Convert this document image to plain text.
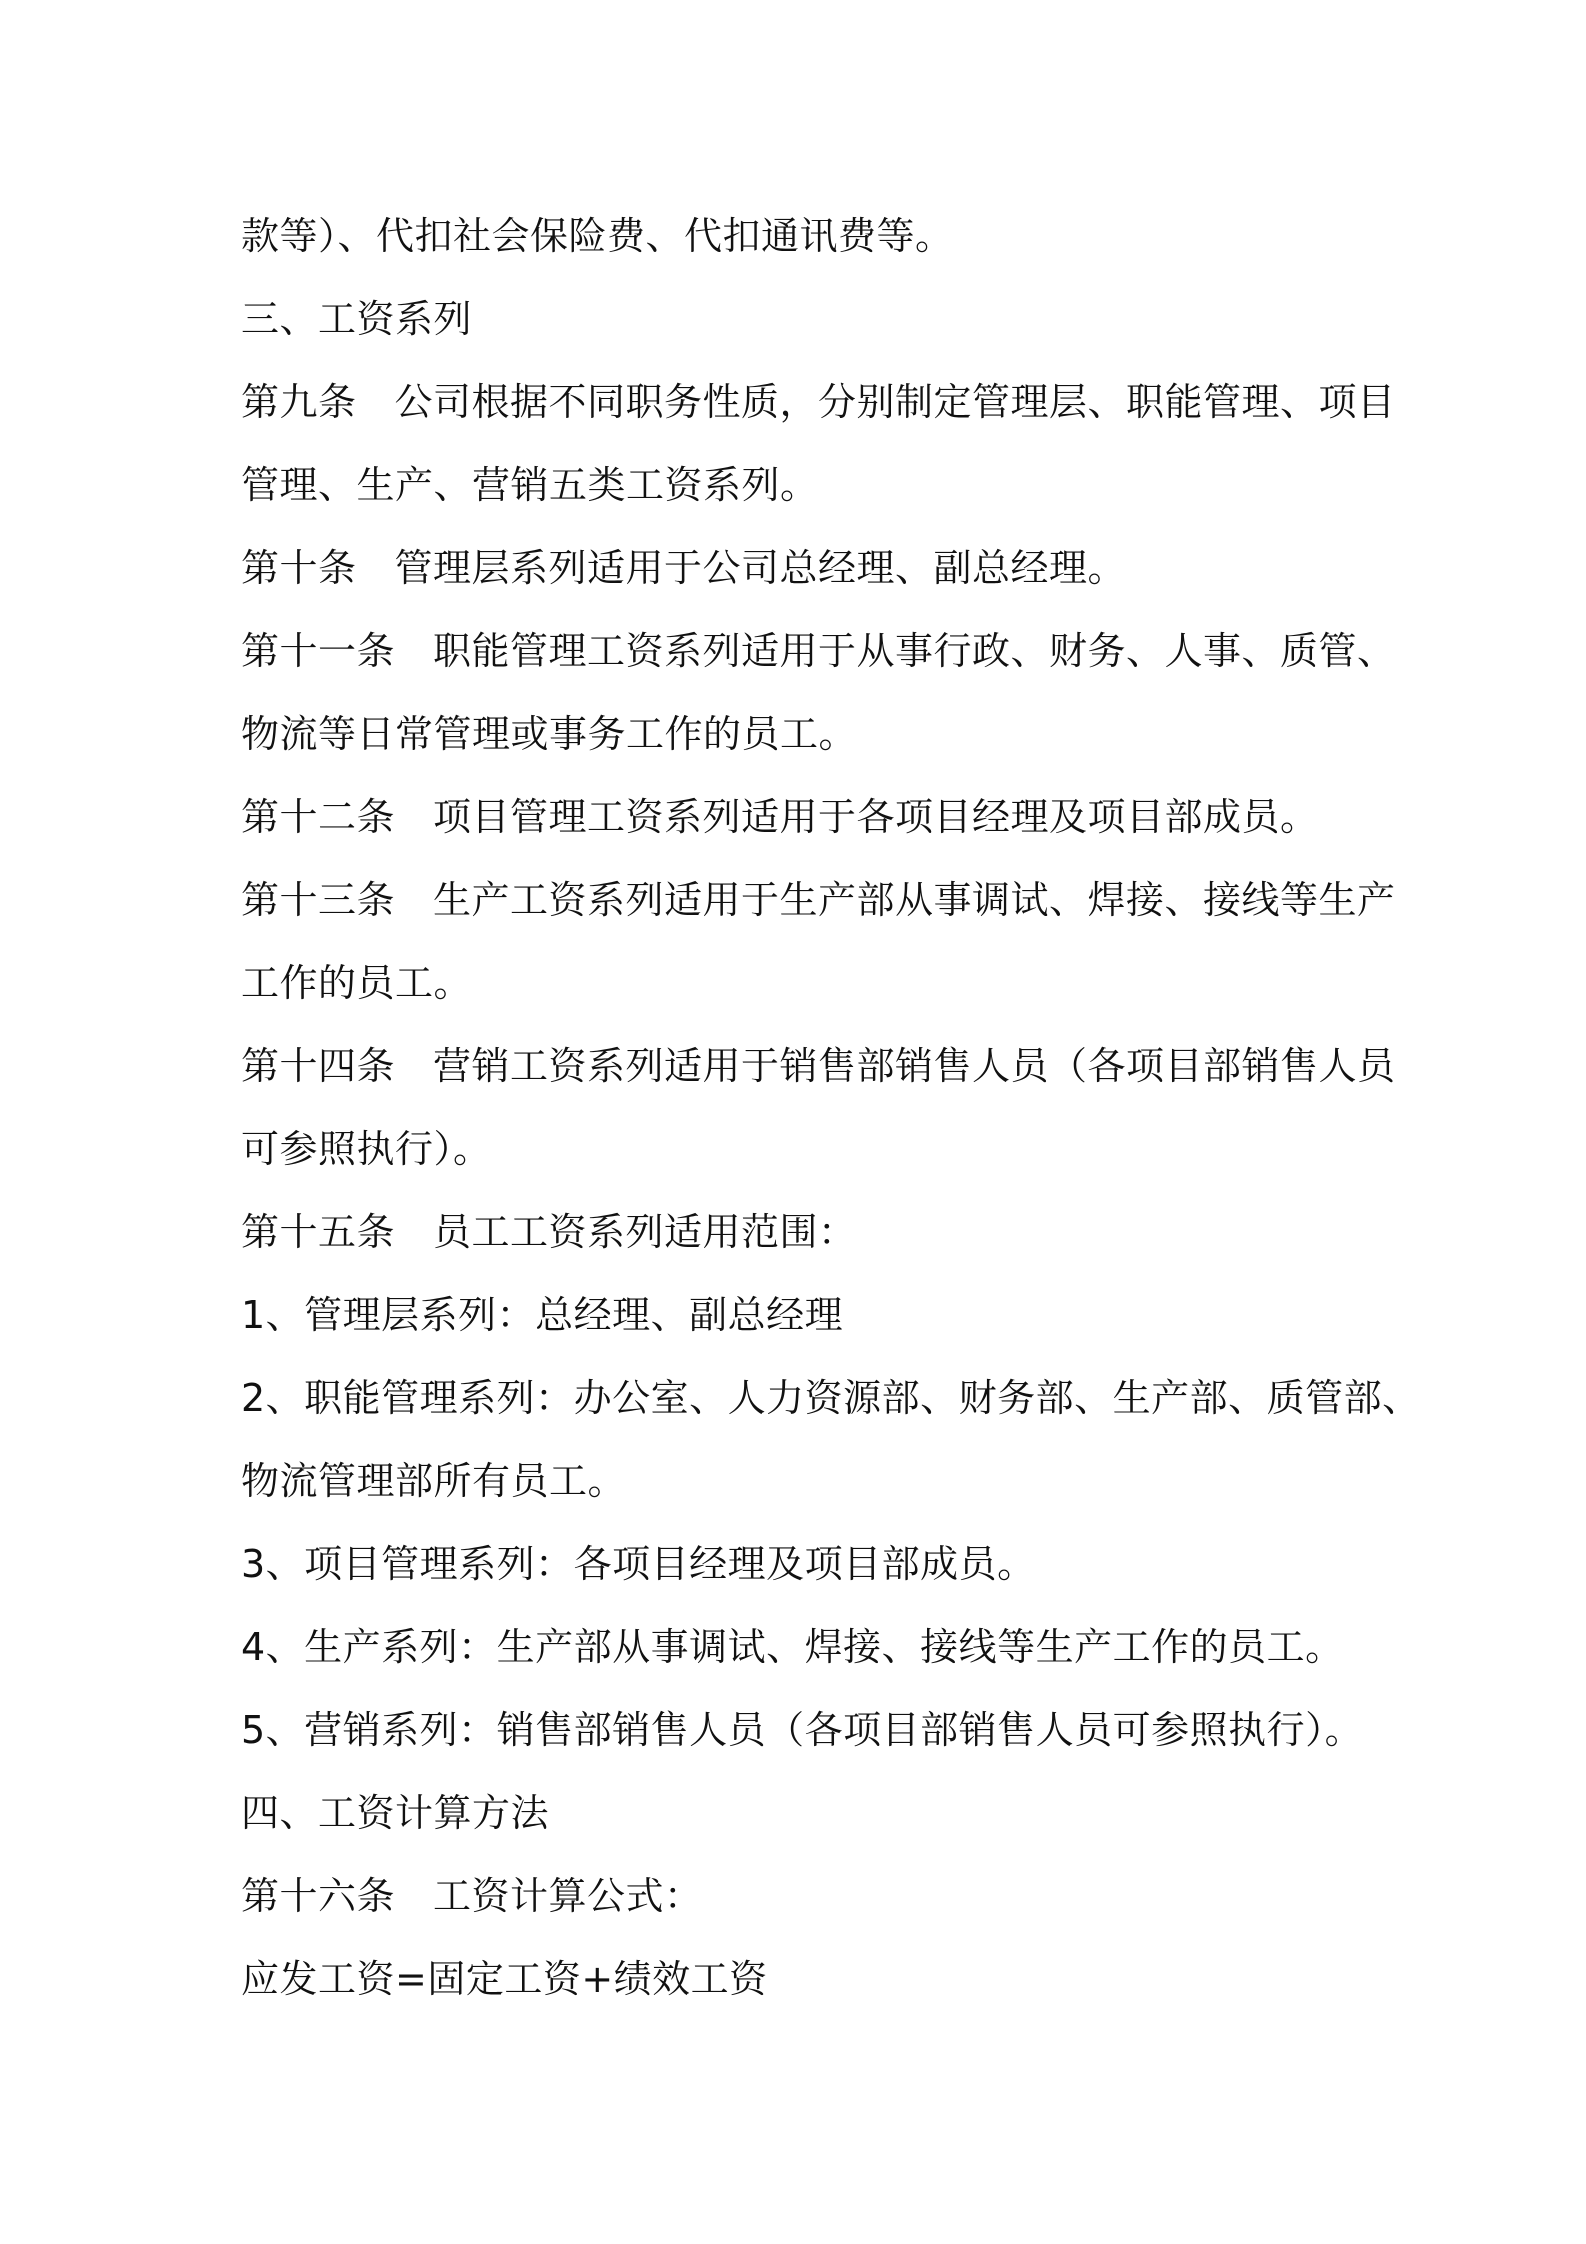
款等）、代扣社会保险费、代扣通讯费等。
三、工资系列
第九条 公司根据不同职务性质，分别制定管理层、职能管理、项目
管理、生产、营销五类工资系列。
第十条 管理层系列适用于公司总经理、副总经理。
第十一条 职能管理工资系列适用于从事行政、财务、人事、质管、
物流等日常管理或事务工作的员工。
第十二条 项目管理工资系列适用于各项目经理及项目部成员。
第十三条 生产工资系列适用于生产部从事调试、焊接、接线等生产
工作的员工。
第十四条 营销工资系列适用于销售部销售人员（各项目部销售人员
可参照执行）。
第十五条 员工工资系列适用范围：
1、管理层系列：总经理、副总经理
2、职能管理系列：办公室、人力资源部、财务部、生产部、质管部、
物流管理部所有员工。
3、项目管理系列：各项目经理及项目部成员。
4、生产系列：生产部从事调试、焊接、接线等生产工作的员工。
5、营销系列：销售部销售人员（各项目部销售人员可参照执行）。
四、工资计算方法
第十六条 工资计算公式：
应发工资=固定工资+绩效工资
